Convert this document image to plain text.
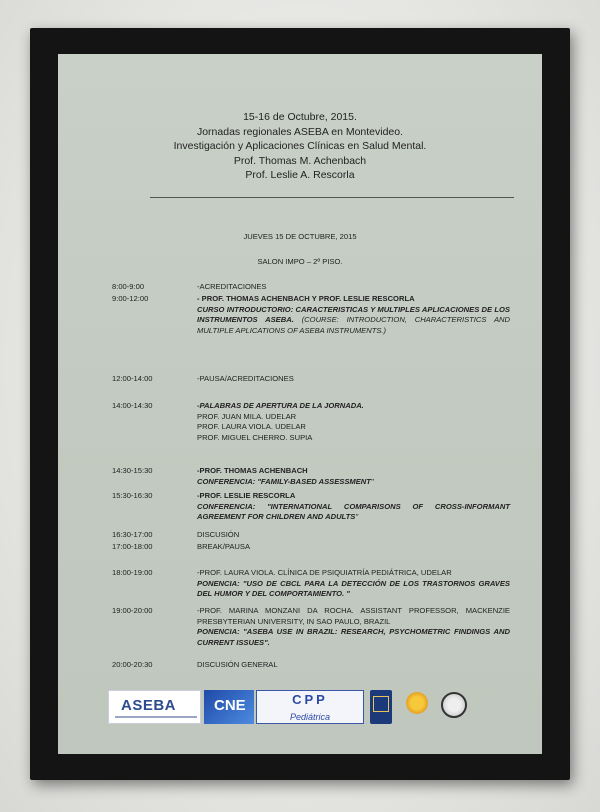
15-16 de Octubre, 2015.
Jornadas regionales ASEBA en Montevideo.
Investigación y Aplicaciones Clínicas en Salud Mental.
Prof. Thomas M. Achenbach
Prof. Leslie A. Rescorla
JUEVES 15 DE OCTUBRE, 2015
SALON IMPO – 2º PISO.
8:00-9:00	-ACREDITACIONES
9:00-12:00	- PROF. THOMAS ACHENBACH Y PROF. LESLIE RESCORLA
CURSO INTRODUCTORIO: CARACTERISTICAS Y MULTIPLES APLICACIONES DE LOS INSTRUMENTOS ASEBA. (COURSE: INTRODUCTION, CHARACTERISTICS AND MULTIPLE APLICATIONS OF ASEBA INSTRUMENTS.)
12:00-14:00	-PAUSA/ACREDITACIONES
14:00-14:30	-PALABRAS DE APERTURA DE LA JORNADA.
PROF. JUAN MILA. UDELAR
PROF. LAURA VIOLA. UDELAR
PROF. MIGUEL CHERRO. SUPIA
14:30-15:30	-PROF. THOMAS ACHENBACH
CONFERENCIA: "FAMILY-BASED ASSESSMENT"
15:30-16:30	-PROF. LESLIE RESCORLA
CONFERENCIA: "INTERNATIONAL COMPARISONS OF CROSS-INFORMANT AGREEMENT FOR CHILDREN AND ADULTS"
16:30-17:00	DISCUSIÓN
17:00-18:00	BREAK/PAUSA
18:00-19:00	-PROF. LAURA VIOLA. CLÍNICA DE PSIQUIATRÍA PEDIÁTRICA, UDELAR
PONENCIA: "USO DE CBCL PARA LA DETECCIÓN DE LOS TRASTORNOS GRAVES DEL HUMOR Y DEL COMPORTAMIENTO. "
19:00-20:00	-PROF. MARINA MONZANI DA ROCHA. ASSISTANT PROFESSOR, MACKENZIE PRESBYTERIAN UNIVERSITY, IN SAO PAULO, BRAZIL
PONENCIA: "ASEBA USE IN BRAZIL: RESEARCH, PSYCHOMETRIC FINDINGS AND CURRENT ISSUES".
20:00-20:30	DISCUSIÓN GENERAL
ASEBA	CNE	CPP
Pediátrica
